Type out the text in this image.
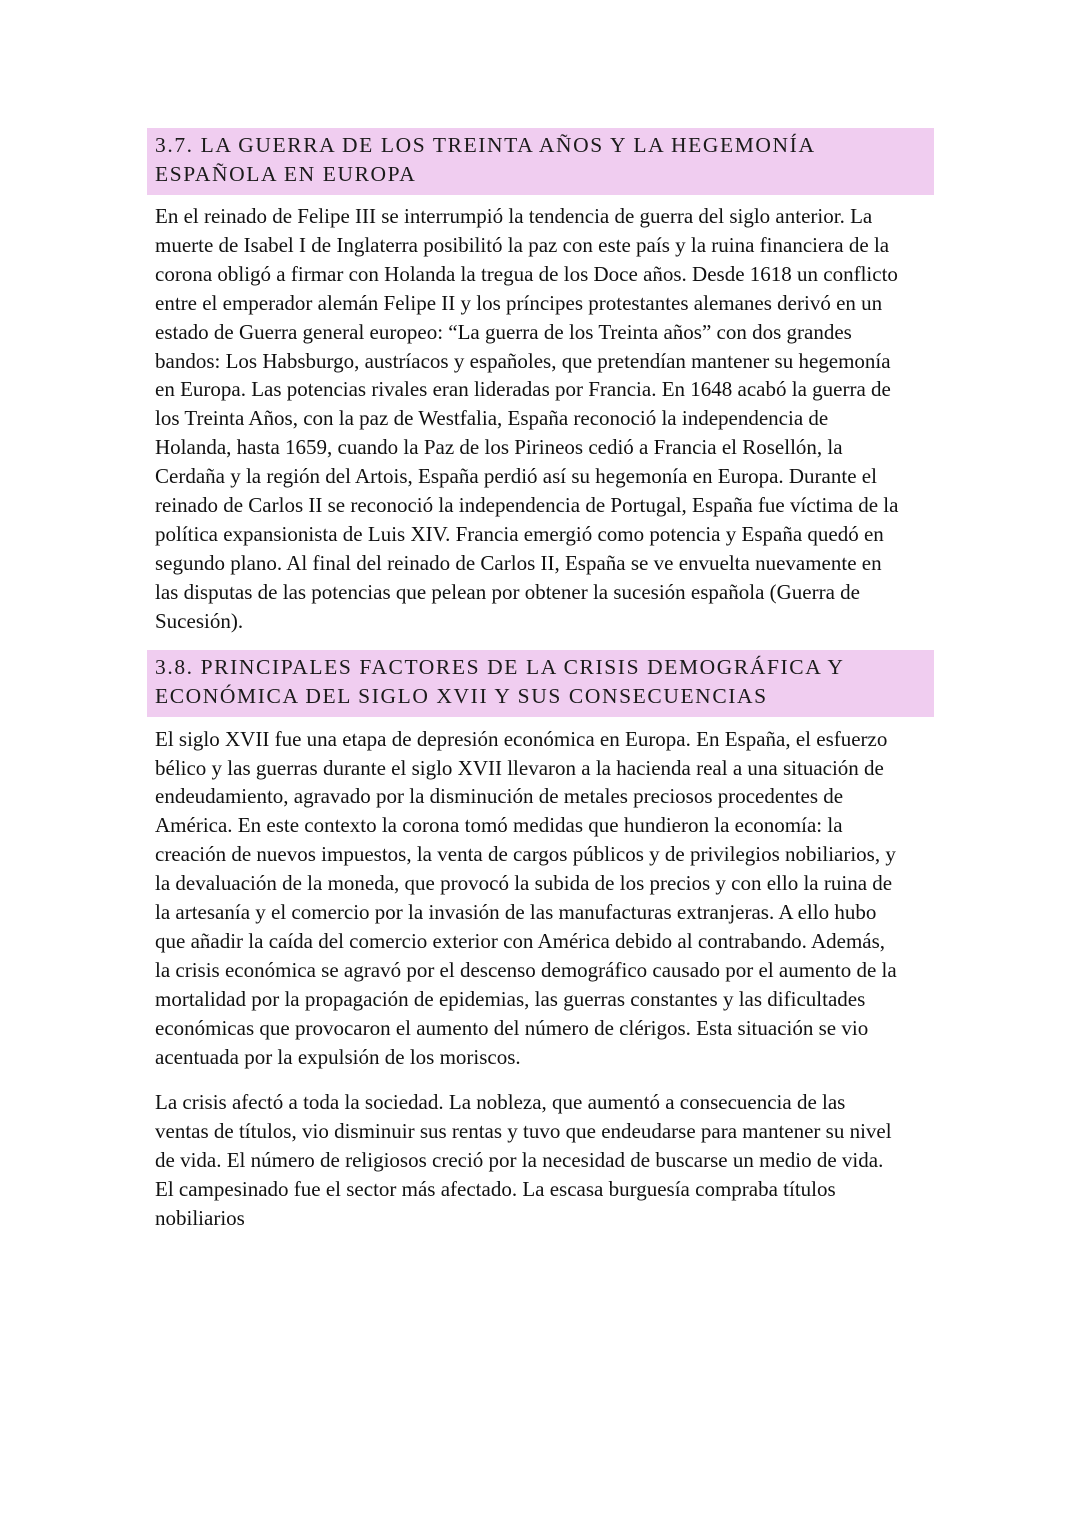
3.7. LA GUERRA DE LOS TREINTA AÑOS Y LA HEGEMONÍA
ESPAÑOLA EN EUROPA

En el reinado de Felipe III se interrumpió la tendencia de guerra del siglo anterior. La
muerte de Isabel I de Inglaterra posibilitó la paz con este país y la ruina financiera de la
corona obligó a firmar con Holanda la tregua de los Doce años. Desde 1618 un conflicto
entre el emperador alemán Felipe II y los príncipes protestantes alemanes derivó en un
estado de Guerra general europeo: “La guerra de los Treinta años” con dos grandes
bandos: Los Habsburgo, austríacos y españoles, que pretendían mantener su hegemonía
en Europa. Las potencias rivales eran lideradas por Francia. En 1648 acabó la guerra de
los Treinta Años, con la paz de Westfalia, España reconoció la independencia de
Holanda, hasta 1659, cuando la Paz de los Pirineos cedió a Francia el Rosellón, la
Cerdaña y la región del Artois, España perdió así su hegemonía en Europa. Durante el
reinado de Carlos II se reconoció la independencia de Portugal, España fue víctima de la
política expansionista de Luis XIV. Francia emergió como potencia y España quedó en
segundo plano. Al final del reinado de Carlos II, España se ve envuelta nuevamente en
las disputas de las potencias que pelean por obtener la sucesión española (Guerra de
Sucesión).

3.8. PRINCIPALES FACTORES DE LA CRISIS DEMOGRÁFICA Y
ECONÓMICA DEL SIGLO XVII Y SUS CONSECUENCIAS

El siglo XVII fue una etapa de depresión económica en Europa. En España, el esfuerzo
bélico y las guerras durante el siglo XVII llevaron a la hacienda real a una situación de
endeudamiento, agravado por la disminución de metales preciosos procedentes de
América. En este contexto la corona tomó medidas que hundieron la economía: la
creación de nuevos impuestos, la venta de cargos públicos y de privilegios nobiliarios, y
la devaluación de la moneda, que provocó la subida de los precios y con ello la ruina de
la artesanía y el comercio por la invasión de las manufacturas extranjeras. A ello hubo
que añadir la caída del comercio exterior con América debido al contrabando. Además,
la crisis económica se agravó por el descenso demográfico causado por el aumento de la
mortalidad por la propagación de epidemias, las guerras constantes y las dificultades
económicas que provocaron el aumento del número de clérigos. Esta situación se vio
acentuada por la expulsión de los moriscos.

La crisis afectó a toda la sociedad. La nobleza, que aumentó a consecuencia de las
ventas de títulos, vio disminuir sus rentas y tuvo que endeudarse para mantener su nivel
de vida. El número de religiosos creció por la necesidad de buscarse un medio de vida.
El campesinado fue el sector más afectado. La escasa burguesía compraba títulos
nobiliarios
